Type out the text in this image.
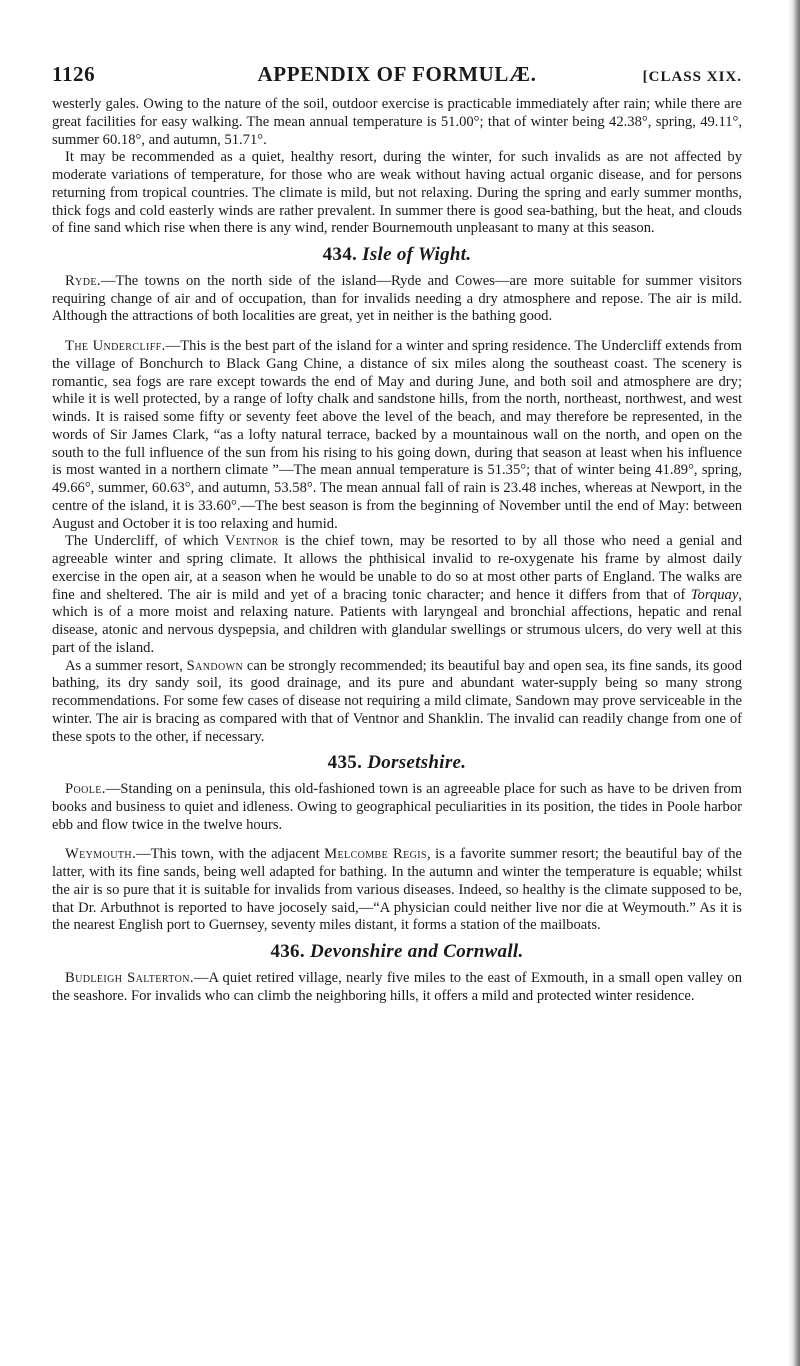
1126	APPENDIX OF FORMULÆ.	[CLASS XIX.

westerly gales. Owing to the nature of the soil, outdoor exercise is practicable immediately after rain; while there are great facilities for easy walking. The mean annual temperature is 51.00°; that of winter being 42.38°, spring, 49.11°, summer 60.18°, and autumn, 51.71°.

It may be recommended as a quiet, healthy resort, during the winter, for such invalids as are not affected by moderate variations of temperature, for those who are weak without having actual organic disease, and for persons returning from tropical countries. The climate is mild, but not relaxing. During the spring and early summer months, thick fogs and cold easterly winds are rather prevalent. In summer there is good sea-bathing, but the heat, and clouds of fine sand which rise when there is any wind, render Bournemouth unpleasant to many at this season.

434. Isle of Wight.

Ryde.—The towns on the north side of the island—Ryde and Cowes—are more suitable for summer visitors requiring change of air and of occupation, than for invalids needing a dry atmosphere and repose. The air is mild. Although the attractions of both localities are great, yet in neither is the bathing good.

The Undercliff.—This is the best part of the island for a winter and spring residence. The Undercliff extends from the village of Bonchurch to Black Gang Chine, a distance of six miles along the southeast coast. The scenery is romantic, sea fogs are rare except towards the end of May and during June, and both soil and atmosphere are dry; while it is well protected, by a range of lofty chalk and sandstone hills, from the north, northeast, northwest, and west winds. It is raised some fifty or seventy feet above the level of the beach, and may therefore be represented, in the words of Sir James Clark, “as a lofty natural terrace, backed by a mountainous wall on the north, and open on the south to the full influence of the sun from his rising to his going down, during that season at least when his influence is most wanted in a northern climate ”—The mean annual temperature is 51.35°; that of winter being 41.89°, spring, 49.66°, summer, 60.63°, and autumn, 53.58°. The mean annual fall of rain is 23.48 inches, whereas at Newport, in the centre of the island, it is 33.60°.—The best season is from the beginning of November until the end of May: between August and October it is too relaxing and humid.

The Undercliff, of which Ventnor is the chief town, may be resorted to by all those who need a genial and agreeable winter and spring climate. It allows the phthisical invalid to re-oxygenate his frame by almost daily exercise in the open air, at a season when he would be unable to do so at most other parts of England. The walks are fine and sheltered. The air is mild and yet of a bracing tonic character; and hence it differs from that of Torquay, which is of a more moist and relaxing nature. Patients with laryngeal and bronchial affections, hepatic and renal disease, atonic and nervous dyspepsia, and children with glandular swellings or strumous ulcers, do very well at this part of the island.

As a summer resort, Sandown can be strongly recommended; its beautiful bay and open sea, its fine sands, its good bathing, its dry sandy soil, its good drainage, and its pure and abundant water-supply being so many strong recommendations. For some few cases of disease not requiring a mild climate, Sandown may prove serviceable in the winter. The air is bracing as compared with that of Ventnor and Shanklin. The invalid can readily change from one of these spots to the other, if necessary.

435. Dorsetshire.

Poole.—Standing on a peninsula, this old-fashioned town is an agreeable place for such as have to be driven from books and business to quiet and idleness. Owing to geographical peculiarities in its position, the tides in Poole harbor ebb and flow twice in the twelve hours.

Weymouth.—This town, with the adjacent Melcombe Regis, is a favorite summer resort; the beautiful bay of the latter, with its fine sands, being well adapted for bathing. In the autumn and winter the temperature is equable; whilst the air is so pure that it is suitable for invalids from various diseases. Indeed, so healthy is the climate supposed to be, that Dr. Arbuthnot is reported to have jocosely said,—“A physician could neither live nor die at Weymouth.” As it is the nearest English port to Guernsey, seventy miles distant, it forms a station of the mailboats.

436. Devonshire and Cornwall.

Budleigh Salterton.—A quiet retired village, nearly five miles to the east of Exmouth, in a small open valley on the seashore. For invalids who can climb the neighboring hills, it offers a mild and protected winter residence.
